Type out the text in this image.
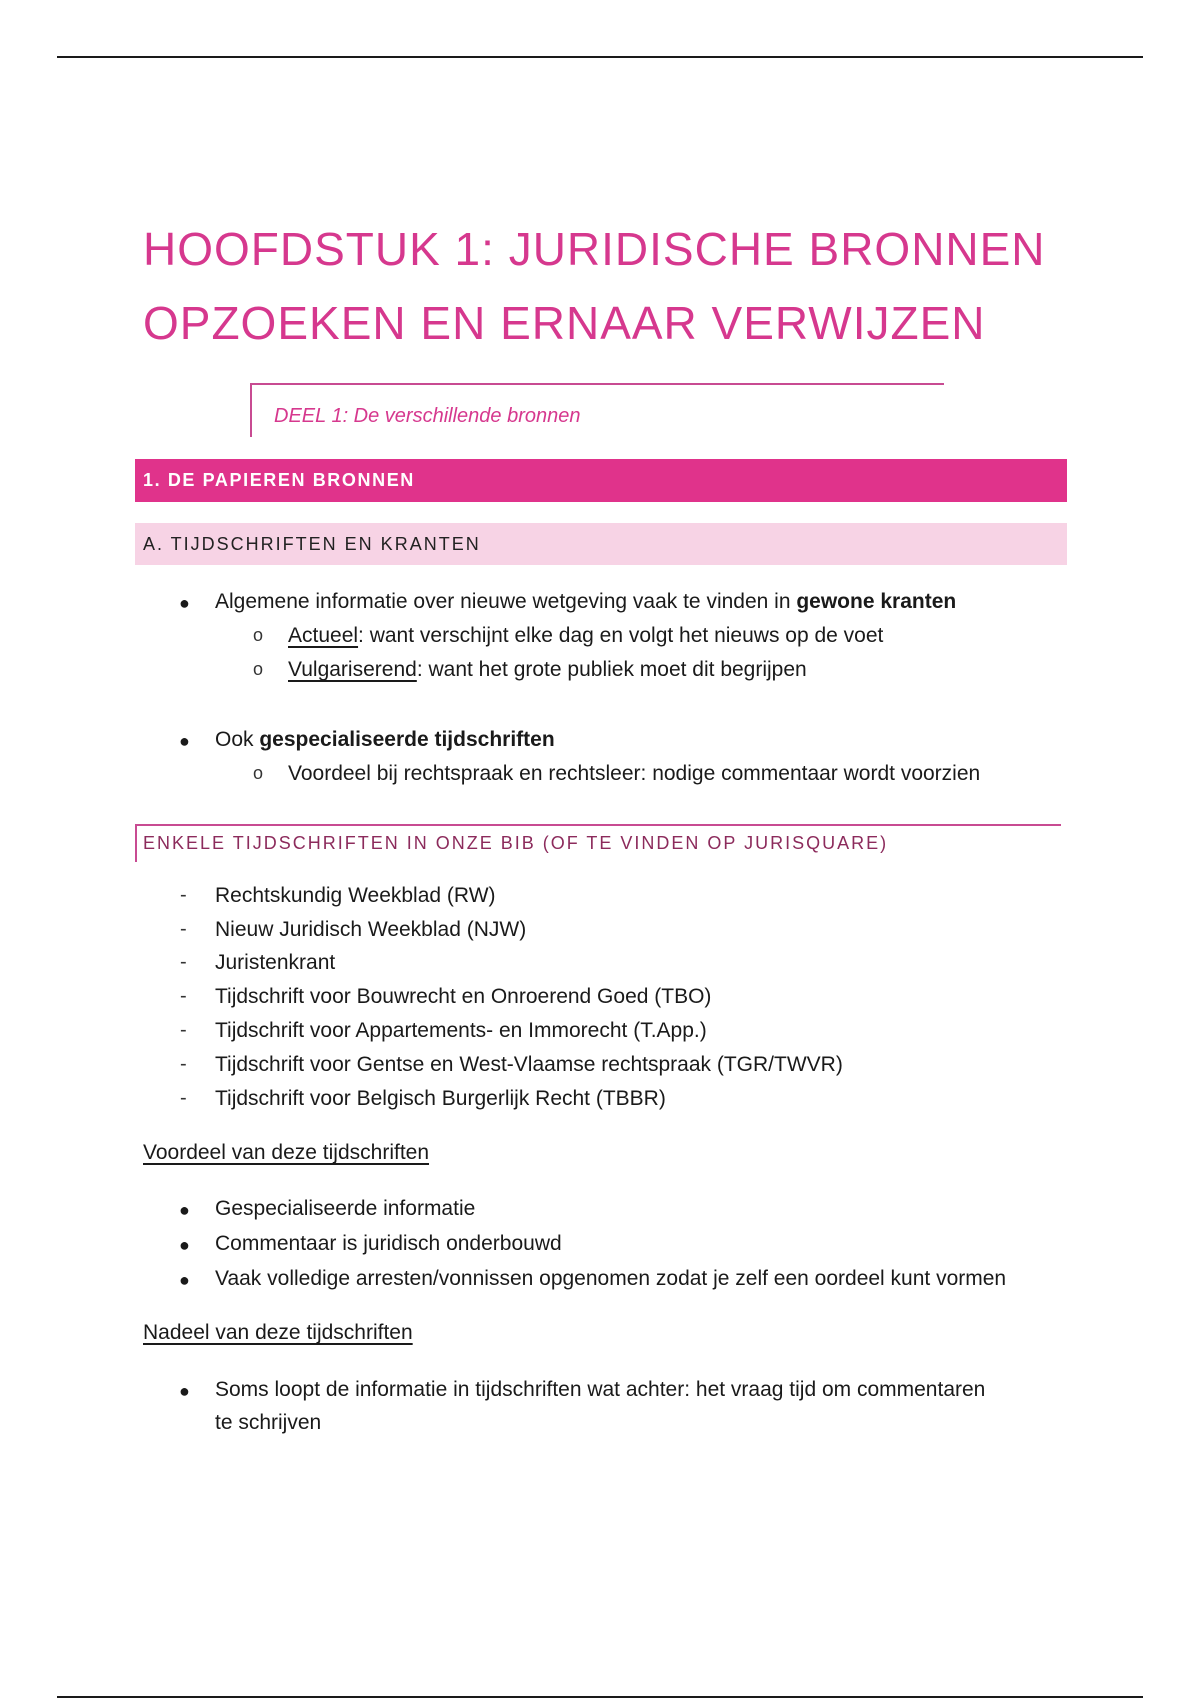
HOOFDSTUK 1: JURIDISCHE BRONNEN
OPZOEKEN EN ERNAAR VERWIJZEN
DEEL 1: De verschillende bronnen
1. DE PAPIEREN BRONNEN
A. TIJDSCHRIFTEN EN KRANTEN
● Algemene informatie over nieuwe wetgeving vaak te vinden in gewone kranten
o Actueel: want verschijnt elke dag en volgt het nieuws op de voet
o Vulgariserend: want het grote publiek moet dit begrijpen
● Ook gespecialiseerde tijdschriften
o Voordeel bij rechtspraak en rechtsleer: nodige commentaar wordt voorzien
ENKELE TIJDSCHRIFTEN IN ONZE BIB (OF TE VINDEN OP JURISQUARE)
- Rechtskundig Weekblad (RW)
- Nieuw Juridisch Weekblad (NJW)
- Juristenkrant
- Tijdschrift voor Bouwrecht en Onroerend Goed (TBO)
- Tijdschrift voor Appartements- en Immorecht (T.App.)
- Tijdschrift voor Gentse en West-Vlaamse rechtspraak (TGR/TWVR)
- Tijdschrift voor Belgisch Burgerlijk Recht (TBBR)
Voordeel van deze tijdschriften
● Gespecialiseerde informatie
● Commentaar is juridisch onderbouwd
● Vaak volledige arresten/vonnissen opgenomen zodat je zelf een oordeel kunt vormen
Nadeel van deze tijdschriften
● Soms loopt de informatie in tijdschriften wat achter: het vraag tijd om commentaren
te schrijven
